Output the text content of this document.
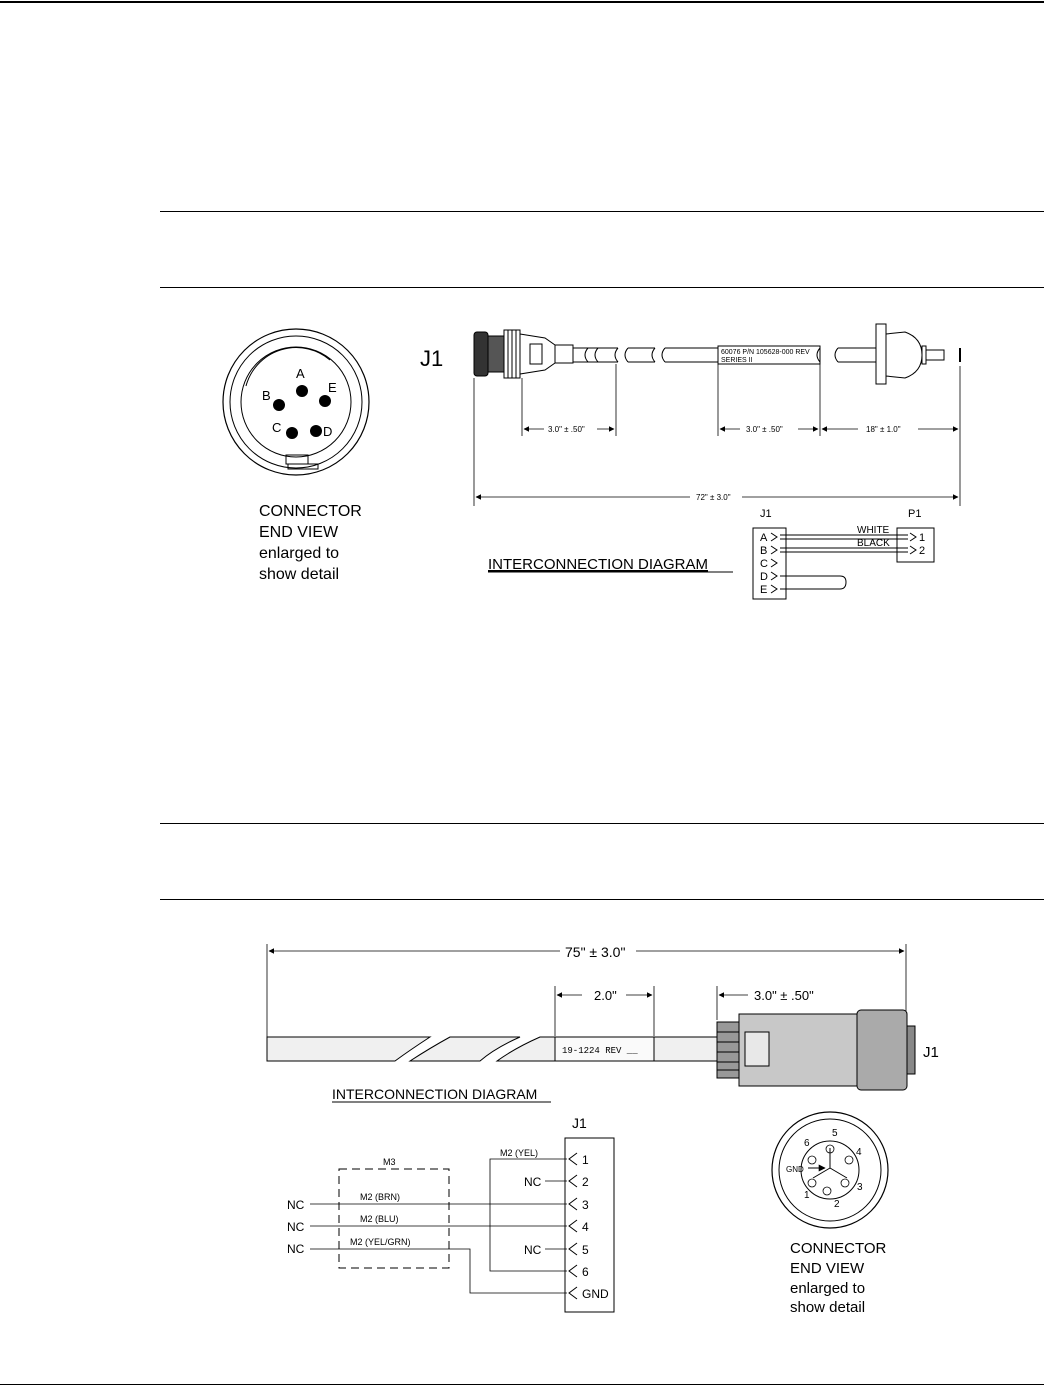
A
B
C	D
E
CONNECTOR
END VIEW
enlarged to
show detail
J1	60076 P/N 105628-000 REV
SERIES II
3.0" ± .50"	3.0" ± .50"	18" ± 1.0"
72" ± 3.0"
INTERCONNECTION DIAGRAM
J1	P1
A
B
C
D
E
1
2
WHITE
BLACK
75" ± 3.0"
2.0"	3.0" ± .50"
19-1224 REV __	J1
INTERCONNECTION DIAGRAM
J1
1
2
3
4
5
6
GND
M3
M2 (YEL)
M2 (BRN)
M2 (BLU)
M2 (YEL/GRN)
NC
NC
NC
NC
NC
1
2
3
4
5
6
GND
CONNECTOR
END VIEW
enlarged to
show detail
